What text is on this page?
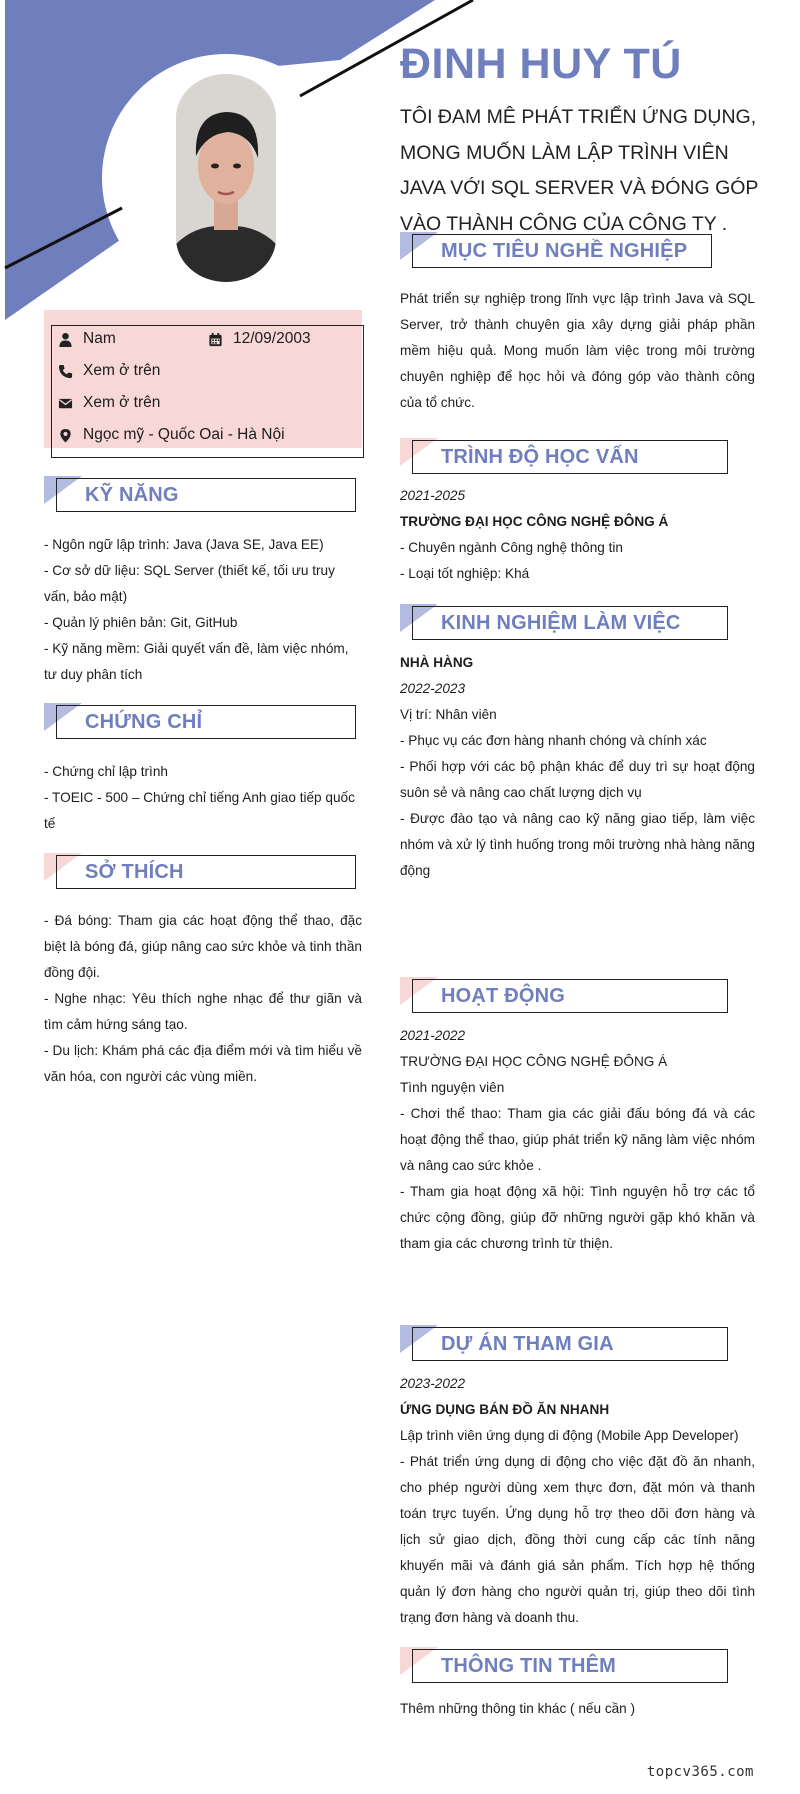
ĐINH HUY TÚ

TÔI ĐAM MÊ PHÁT TRIỂN ỨNG DỤNG, MONG MUỐN LÀM LẬP TRÌNH VIÊN JAVA VỚI SQL SERVER VÀ ĐÓNG GÓP VÀO THÀNH CÔNG CỦA CÔNG TY .

Nam	12/09/2003
Xem ở trên
Xem ở trên
Ngọc mỹ - Quốc Oai - Hà Nội
KỸ NĂNG

- Ngôn ngữ lập trình: Java (Java SE, Java EE)

- Cơ sở dữ liệu: SQL Server (thiết kế, tối ưu truy vấn, bảo mật)

- Quản lý phiên bản: Git, GitHub

- Kỹ năng mềm: Giải quyết vấn đề, làm việc nhóm, tư duy phân tích

CHỨNG CHỈ

- Chứng chỉ lập trình

- TOEIC - 500 – Chứng chỉ tiếng Anh giao tiếp quốc tế

SỞ THÍCH

- Đá bóng: Tham gia các hoạt động thể thao, đặc biệt là bóng đá, giúp nâng cao sức khỏe và tinh thần đồng đội.

- Nghe nhạc: Yêu thích nghe nhạc để thư giãn và tìm cảm hứng sáng tạo.

- Du lịch: Khám phá các địa điểm mới và tìm hiểu về văn hóa, con người các vùng miền.

MỤC TIÊU NGHỀ NGHIỆP

Phát triển sự nghiệp trong lĩnh vực lập trình Java và SQL Server, trở thành chuyên gia xây dựng giải pháp phần mềm hiệu quả. Mong muốn làm việc trong môi trường chuyên nghiệp để học hỏi và đóng góp vào thành công của tổ chức.

TRÌNH ĐỘ HỌC VẤN

2021-2025

TRƯỜNG ĐẠI HỌC CÔNG NGHỆ ĐÔNG Á

- Chuyên ngành Công nghệ thông tin

- Loại tốt nghiệp: Khá

KINH NGHIỆM LÀM VIỆC

NHÀ HÀNG

2022-2023

Vị trí: Nhân viên

- Phục vụ các đơn hàng nhanh chóng và chính xác

- Phối hợp với các bộ phận khác để duy trì sự hoạt động suôn sẻ và nâng cao chất lượng dịch vụ

- Được đào tạo và nâng cao kỹ năng giao tiếp, làm việc nhóm và xử lý tình huống trong môi trường nhà hàng năng động

HOẠT ĐỘNG

2021-2022

TRƯỜNG ĐẠI HỌC CÔNG NGHỆ ĐÔNG Á

Tình nguyện viên

- Chơi thể thao: Tham gia các giải đấu bóng đá và các hoạt động thể thao, giúp phát triển kỹ năng làm việc nhóm và nâng cao sức khỏe .

- Tham gia hoạt động xã hội: Tình nguyện hỗ trợ các tổ chức cộng đồng, giúp đỡ những người gặp khó khăn và tham gia các chương trình từ thiện.

DỰ ÁN THAM GIA

2023-2022

ỨNG DỤNG BÁN ĐỒ ĂN NHANH

Lập trình viên ứng dụng di động (Mobile App Developer)

- Phát triển ứng dụng di động cho việc đặt đồ ăn nhanh, cho phép người dùng xem thực đơn, đặt món và thanh toán trực tuyến. Ứng dụng hỗ trợ theo dõi đơn hàng và lịch sử giao dịch, đồng thời cung cấp các tính năng khuyến mãi và đánh giá sản phẩm. Tích hợp hệ thống quản lý đơn hàng cho người quản trị, giúp theo dõi tình trạng đơn hàng và doanh thu.

THÔNG TIN THÊM

Thêm những thông tin khác ( nếu cần )

topcv365.com
